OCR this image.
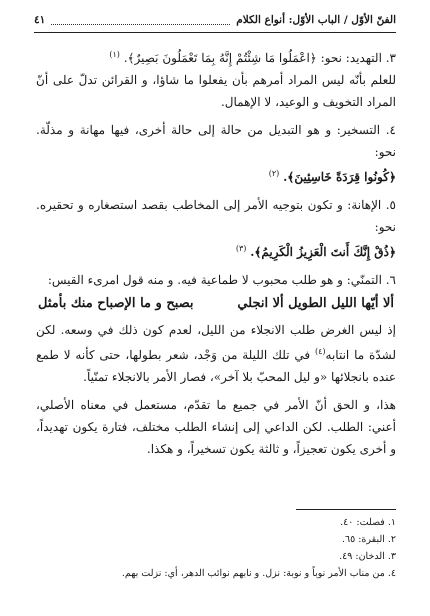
الفنّ الأوّل / الباب الأوّل: أنواع الكلام
٤١

٣. التهديد: نحو: ﴿اعْمَلُوا مَا شِئْتُمْ إِنَّهُ بِمَا تَعْمَلُونَ بَصِيرٌ﴾. $^{(١)}$

للعلم بأنّه ليس المراد أمرهم بأن يفعلوا ما شاؤا، و القرائن تدلّ على أنّ المراد التخويف و الوعيد، لا الإهمال.

٤. التسخير: و هو التبديل من حالة إلى حالة أخرى، فيها مهانة و مذلّة. نحو:

﴿كُونُوا قِرَدَةً خَاسِئِينَ﴾. $^{(٢)}$

٥. الإهانة: و تكون بتوجيه الأمر إلى المخاطب بقصد استصغاره و تحقيره. نحو:

﴿ذُقْ إِنَّكَ أَنتَ الْعَزِيزُ الْكَرِيمُ﴾. $^{(٣)}$

٦. التمنّي: و هو طلب محبوب لا طماعية فيه. و منه قول امرىء القيس:

ألا أيّها الليل الطويل ألا انجلي
بصبح و ما الإصباح منك بأمثل

إذ ليس الغرض طلب الانجلاء من الليل، لعدم كون ذلك في وسعه. لكن لشدّة ما انتابه$^{(٤)}$ في تلك الليلة من وَجْد، شعر بطولها، حتى كأنه لا طمع عنده بانجلائها «و ليل المحبّ بلا آخر»، فصار الأمر بالانجلاء تمنّياً.

هذا، و الحق أنّ الأمر في جميع ما تقدّم، مستعمل في معناه الأصلي، أعني: الطلب. لكن الداعي إلى إنشاء الطلب مختلف، فتارة يكون تهديداً، و أخرى يكون تعجيزاً، و ثالثة يكون تسخيراً، و هكذا.

١. فصلت: ٤٠.
٢. البقرة: ٦٥.
٣. الدخان: ٤٩.
٤. من مناب الأمر نوباً و نوبة: نزل. و نابهم نوائب الدهر، أي: نزلت بهم.
